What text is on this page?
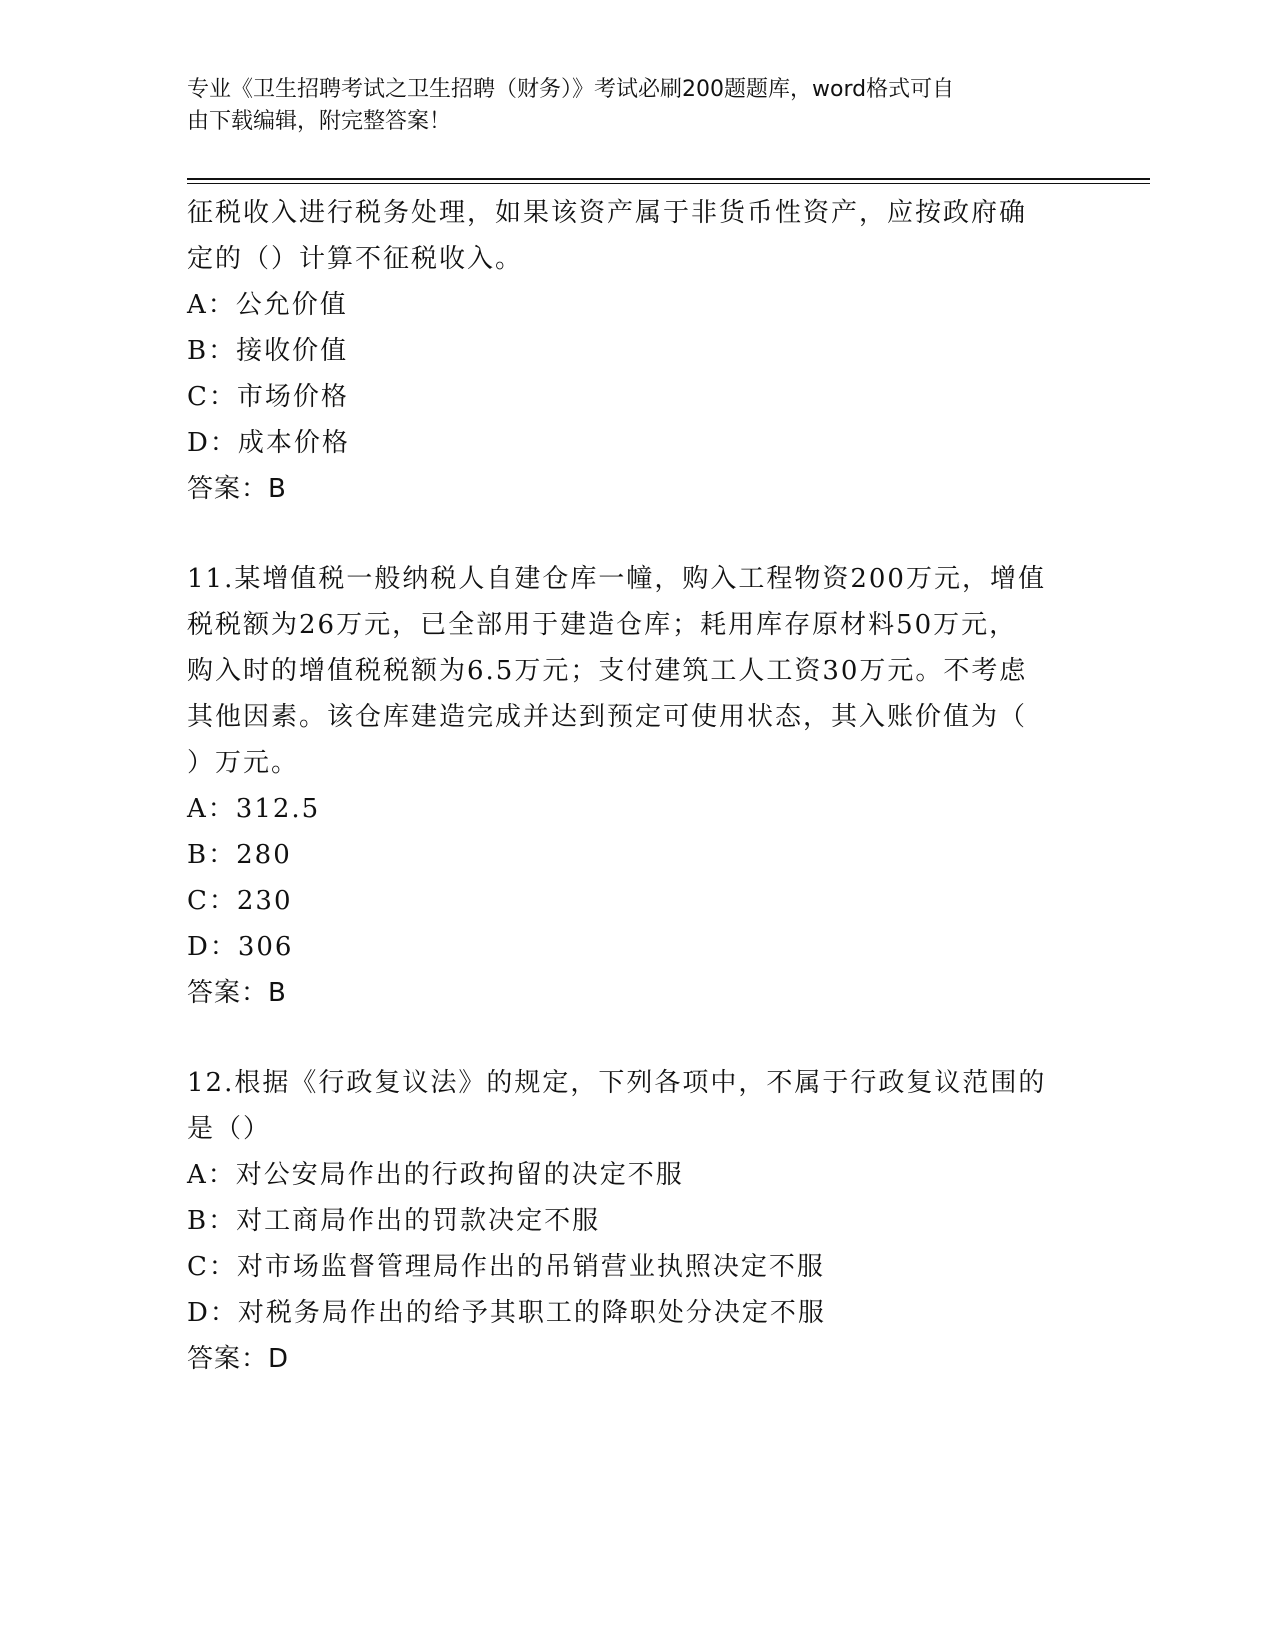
专业《卫生招聘考试之卫生招聘（财务）》考试必刷200题题库，word格式可自
由下载编辑，附完整答案！
征税收入进行税务处理，如果该资产属于非货币性资产，应按政府确
定的（）计算不征税收入。
A：公允价值
B：接收价值
C：市场价格
D：成本价格
答案：B
11.某增值税一般纳税人自建仓库一幢，购入工程物资200万元，增值
税税额为26万元，已全部用于建造仓库；耗用库存原材料50万元，
购入时的增值税税额为6.5万元；支付建筑工人工资30万元。不考虑
其他因素。该仓库建造完成并达到预定可使用状态，其入账价值为（
）万元。
A：312.5
B：280
C：230
D：306
答案：B
12.根据《行政复议法》的规定，下列各项中，不属于行政复议范围的
是（）
A：对公安局作出的行政拘留的决定不服
B：对工商局作出的罚款决定不服
C：对市场监督管理局作出的吊销营业执照决定不服
D：对税务局作出的给予其职工的降职处分决定不服
答案：D
